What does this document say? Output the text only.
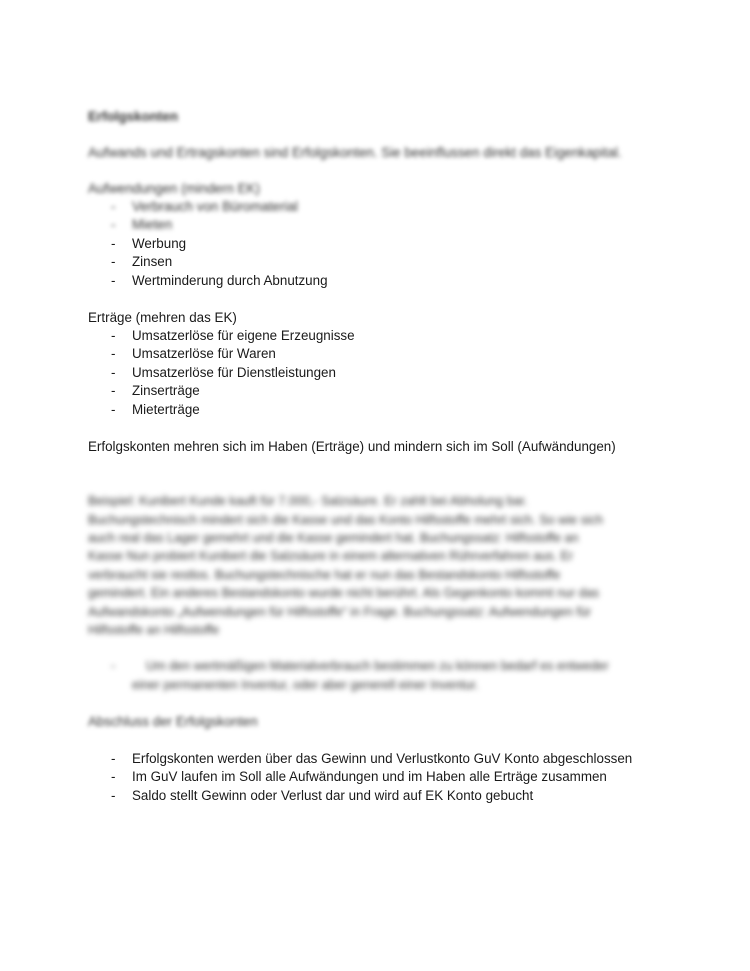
Erfolgskonten
Aufwands und Ertragskonten sind Erfolgskonten. Sie beeinflussen direkt das Eigenkapital.
Aufwendungen (mindern EK)
-	Verbrauch von Büromaterial
-	Mieten
-	Werbung
-	Zinsen
-	Wertminderung durch Abnutzung
Erträge (mehren das EK)
-	Umsatzerlöse für eigene Erzeugnisse
-	Umsatzerlöse für Waren
-	Umsatzerlöse für Dienstleistungen
-	Zinserträge
-	Mieterträge
Erfolgskonten mehren sich im Haben (Erträge) und mindern sich im Soll (Aufwändungen)
Beispiel: Kunibert Kunde kauft für 7.000,- Salzsäure. Er zahlt bei Abholung bar.
Buchungstechnisch mindert sich die Kasse und das Konto Hilfsstoffe mehrt sich. So wie sich
auch real das Lager gemehrt und die Kasse gemindert hat. Buchungssatz: Hilfsstoffe an
Kasse Nun probiert Kunibert die Salzsäure in einem alternativen Rührverfahren aus. Er
verbraucht sie restlos. Buchungstechnische hat er nun das Bestandskonto Hilfsstoffe
gemindert. Ein anderes Bestandskonto wurde nicht berührt. Als Gegenkonto kommt nur das
Aufwandskonto „Aufwendungen für Hilfsstoffe“ in Frage. Buchungssatz: Aufwendungen für
Hilfsstoffe an Hilfsstoffe
-	Um den wertmäßigen Materialverbrauch bestimmen zu können bedarf es entweder
einer permanenten Inventur, oder aber generell einer Inventur.
Abschluss der Erfolgskonten
-	Erfolgskonten werden über das Gewinn und Verlustkonto GuV Konto abgeschlossen
-	Im GuV laufen im Soll alle Aufwändungen und im Haben alle Erträge zusammen
-	Saldo stellt Gewinn oder Verlust dar und wird auf EK Konto gebucht
